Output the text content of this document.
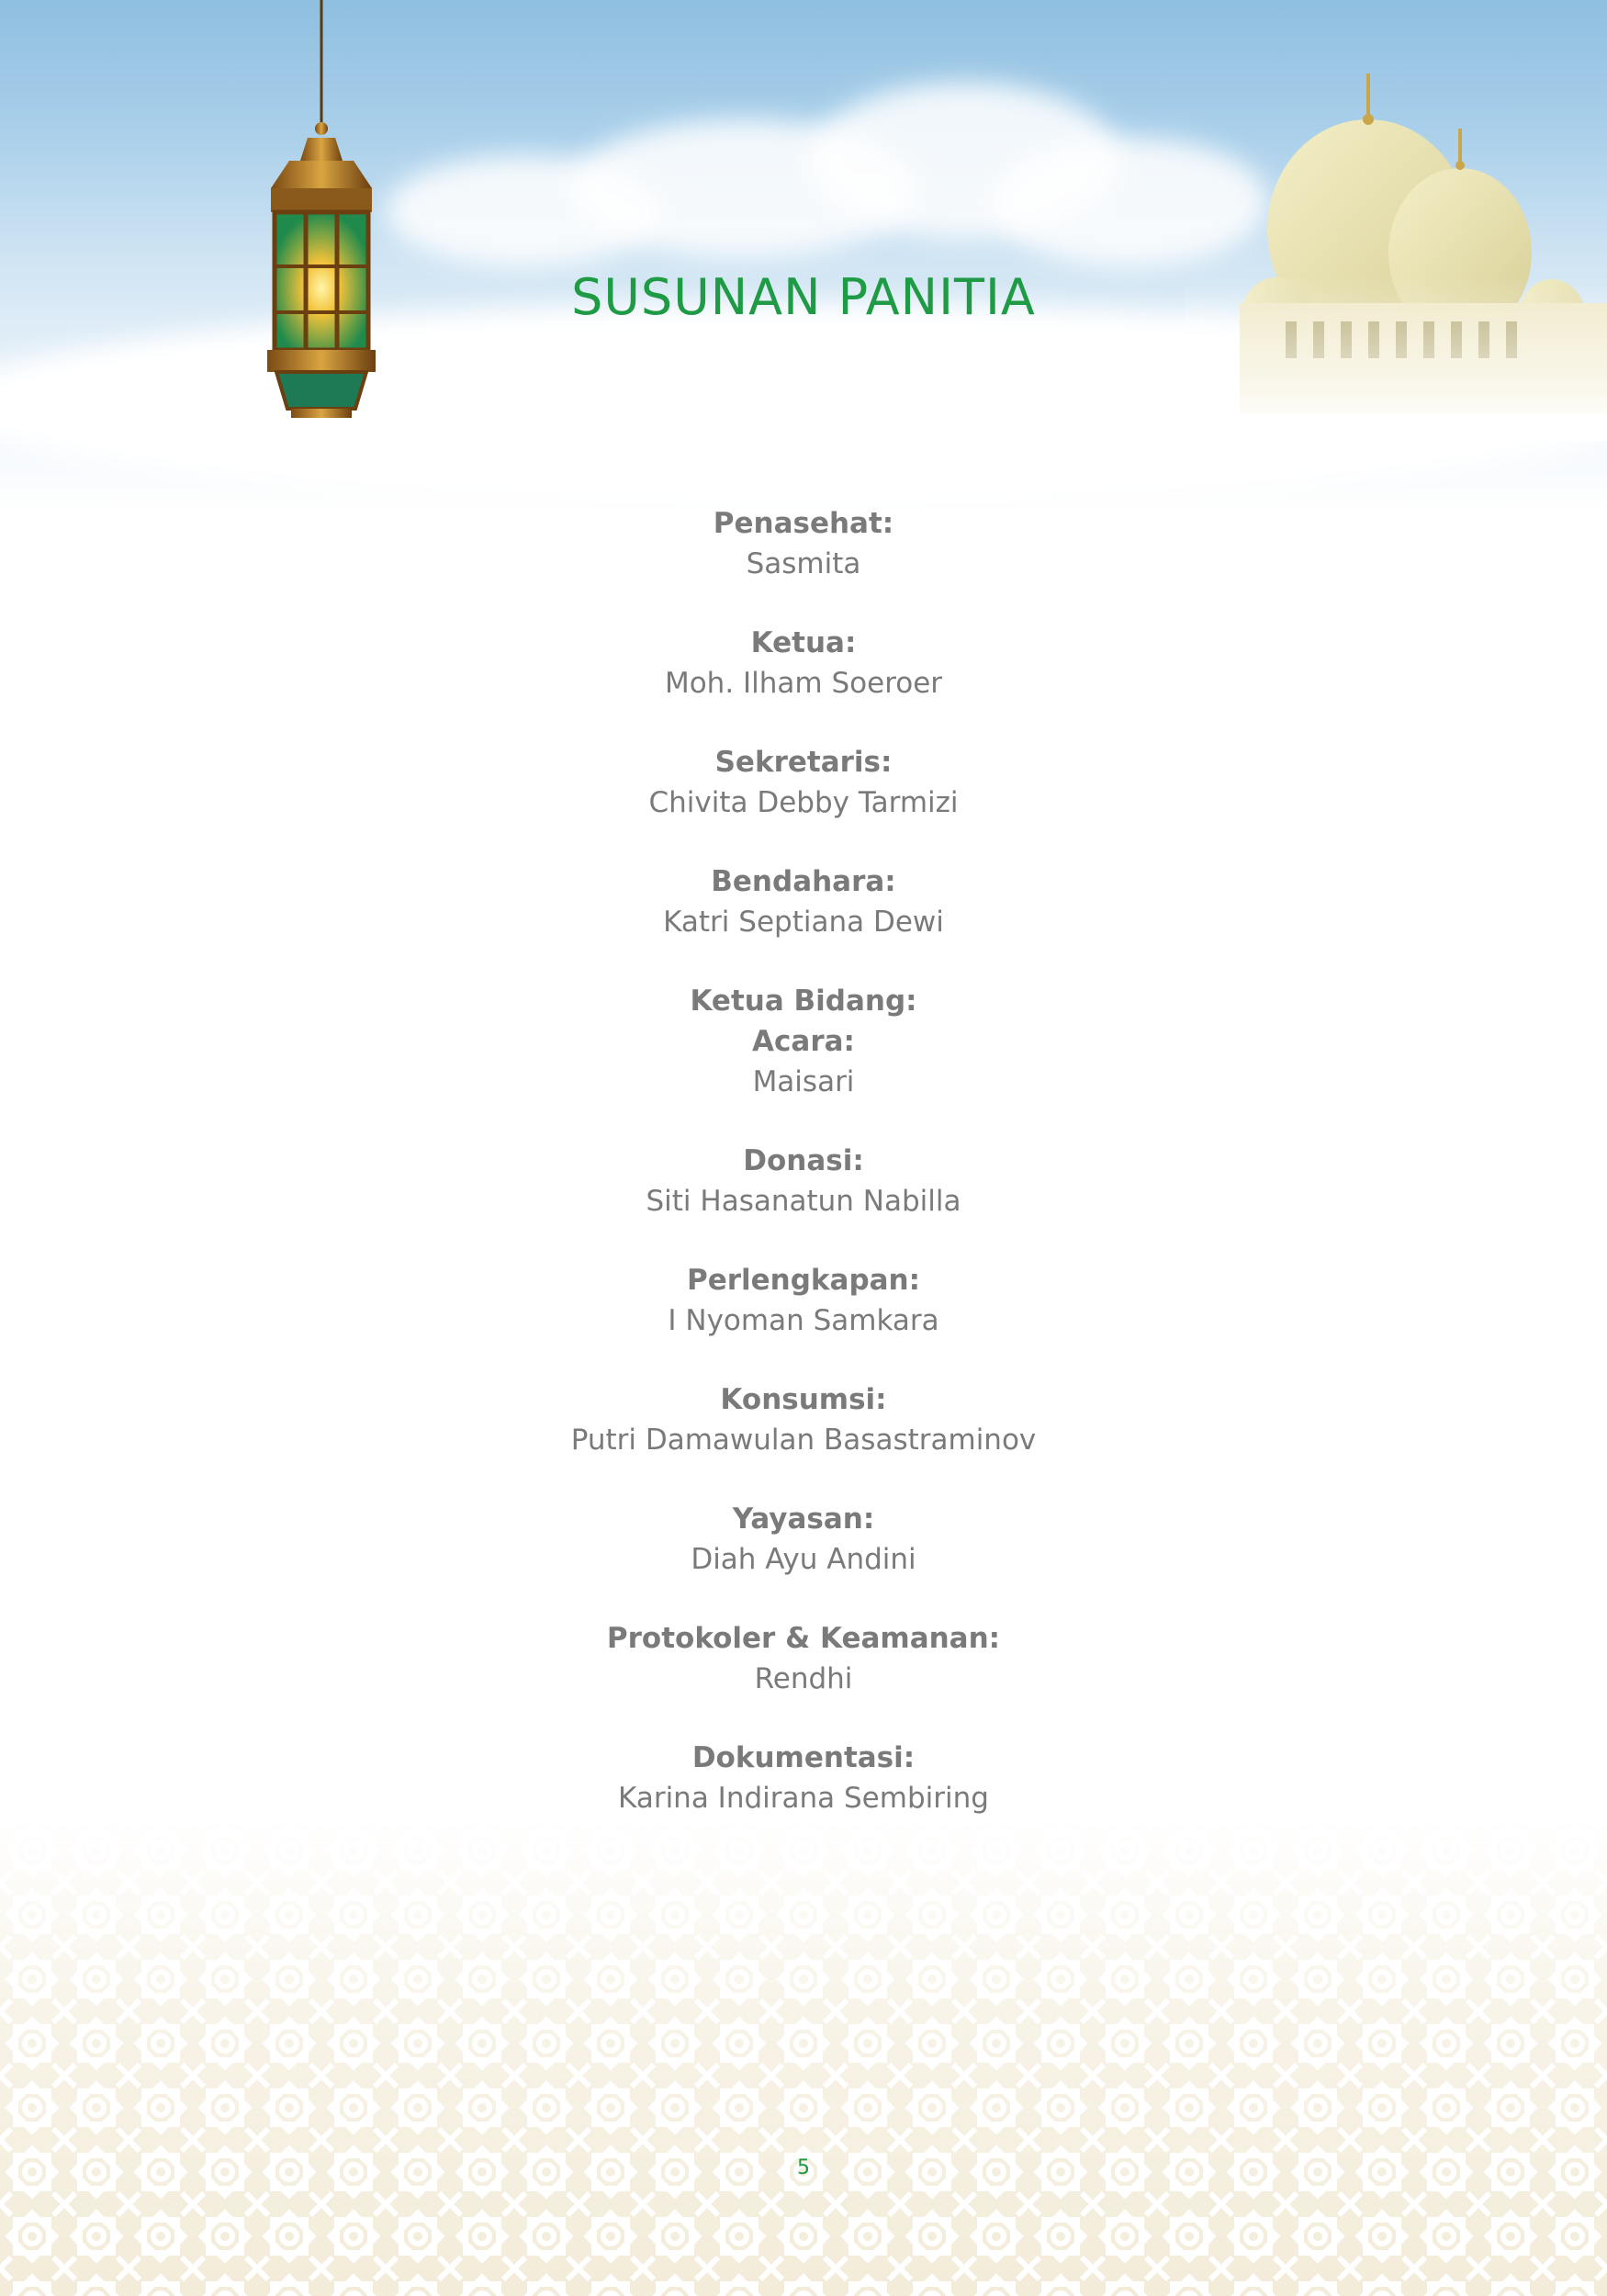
SUSUNAN PANITIA
Penasehat:
Sasmita
Ketua:
Moh. Ilham Soeroer
Sekretaris:
Chivita Debby Tarmizi
Bendahara:
Katri Septiana Dewi
Ketua Bidang:
Acara:
Maisari
Donasi:
Siti Hasanatun Nabilla
Perlengkapan:
I Nyoman Samkara
Konsumsi:
Putri Damawulan Basastraminov
Yayasan:
Diah Ayu Andini
Protokoler & Keamanan:
Rendhi
Dokumentasi:
Karina Indirana Sembiring
5
